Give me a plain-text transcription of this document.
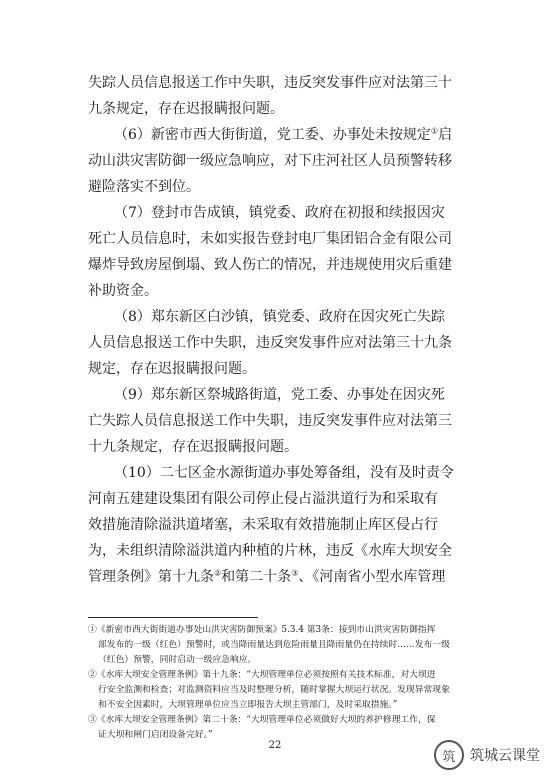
失踪人员信息报送工作中失职，违反突发事件应对法第三十
九条规定，存在迟报瞒报问题。
（6）新密市西大街街道，党工委、办事处未按规定①启
动山洪灾害防御一级应急响应，对下庄河社区人员预警转移
避险落实不到位。
（7）登封市告成镇，镇党委、政府在初报和续报因灾
死亡人员信息时，未如实报告登封电厂集团铝合金有限公司
爆炸导致房屋倒塌、致人伤亡的情况，并违规使用灾后重建
补助资金。
（8）郑东新区白沙镇，镇党委、政府在因灾死亡失踪
人员信息报送工作中失职，违反突发事件应对法第三十九条
规定，存在迟报瞒报问题。
（9）郑东新区祭城路街道，党工委、办事处在因灾死
亡失踪人员信息报送工作中失职，违反突发事件应对法第三
十九条规定，存在迟报瞒报问题。
（10）二七区金水源街道办事处筹备组，没有及时责令
河南五建建设集团有限公司停止侵占溢洪道行为和采取有
效措施清除溢洪道堵塞，未采取有效措施制止库区侵占行
为，未组织清除溢洪道内种植的片林，违反《水库大坝安全
管理条例》第十九条②和第二十条③、《河南省小型水库管理
①《新密市西大街街道办事处山洪灾害防御预案》5.3.4 第3条：接到市山洪灾害防御指挥
部发布的一级（红色）预警时，或当降雨量达到危险雨量且降雨量仍在持续时……发布一级
（红色）预警，同时启动一级应急响应。
②《水库大坝安全管理条例》第十九条：“大坝管理单位必须按照有关技术标准，对大坝进
行安全监测和检查；对监测资料应当及时整理分析，随时掌握大坝运行状况。发现异常现象
和不安全因素时，大坝管理单位应当立即报告大坝主管部门，及时采取措施。”
③《水库大坝安全管理条例》第二十条：“大坝管理单位必须做好大坝的养护修理工作，保
证大坝和闸门启闭设备完好。”
22
筑 筑城云课堂
